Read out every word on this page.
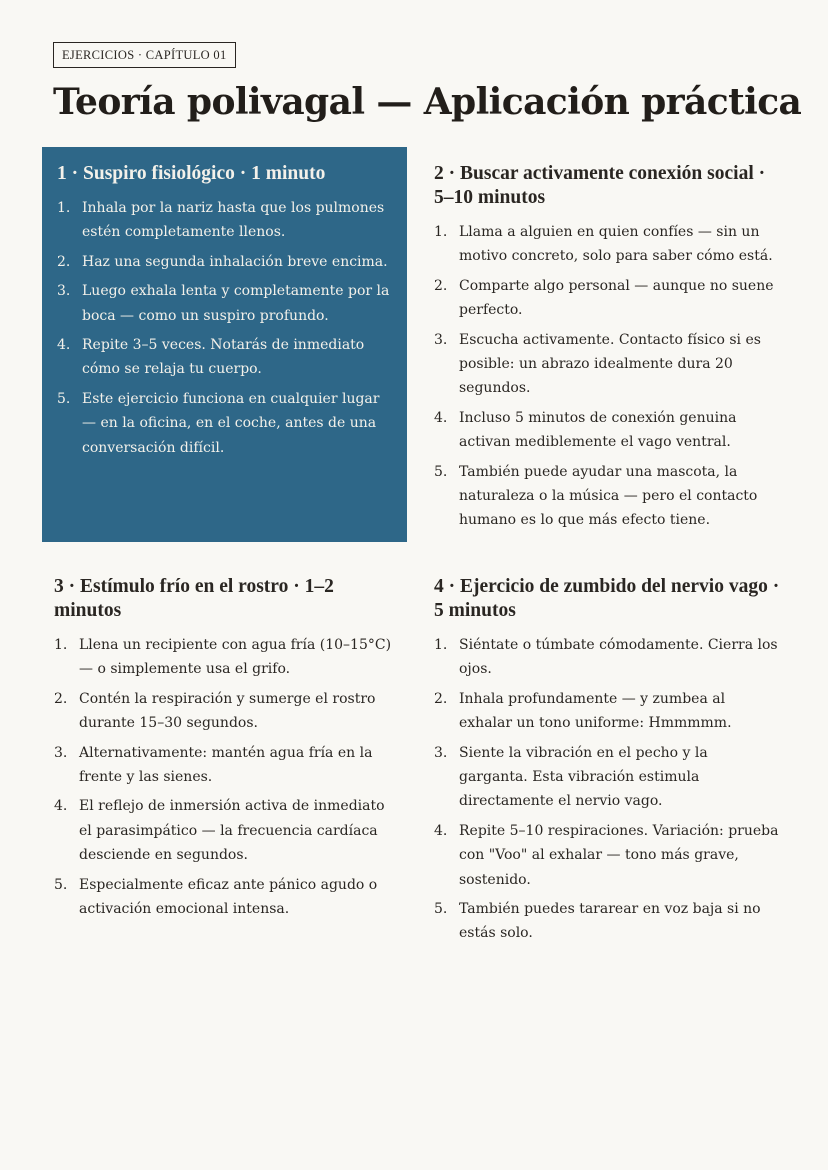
EJERCICIOS · CAPÍTULO 01
Teoría polivagal — Aplicación práctica
1 · Suspiro fisiológico · 1 minuto
1. Inhala por la nariz hasta que los pulmones estén completamente llenos.
2. Haz una segunda inhalación breve encima.
3. Luego exhala lenta y completamente por la boca — como un suspiro profundo.
4. Repite 3–5 veces. Notarás de inmediato cómo se relaja tu cuerpo.
5. Este ejercicio funciona en cualquier lugar — en la oficina, en el coche, antes de una conversación difícil.
2 · Buscar activamente conexión social · 5–10 minutos
1. Llama a alguien en quien confíes — sin un motivo concreto, solo para saber cómo está.
2. Comparte algo personal — aunque no suene perfecto.
3. Escucha activamente. Contacto físico si es posible: un abrazo idealmente dura 20 segundos.
4. Incluso 5 minutos de conexión genuina activan mediblemente el vago ventral.
5. También puede ayudar una mascota, la naturaleza o la música — pero el contacto humano es lo que más efecto tiene.
3 · Estímulo frío en el rostro · 1–2 minutos
1. Llena un recipiente con agua fría (10–15°C) — o simplemente usa el grifo.
2. Contén la respiración y sumerge el rostro durante 15–30 segundos.
3. Alternativamente: mantén agua fría en la frente y las sienes.
4. El reflejo de inmersión activa de inmediato el parasimpático — la frecuencia cardíaca desciende en segundos.
5. Especialmente eficaz ante pánico agudo o activación emocional intensa.
4 · Ejercicio de zumbido del nervio vago · 5 minutos
1. Siéntate o túmbate cómodamente. Cierra los ojos.
2. Inhala profundamente — y zumbea al exhalar un tono uniforme: Hmmmmm.
3. Siente la vibración en el pecho y la garganta. Esta vibración estimula directamente el nervio vago.
4. Repite 5–10 respiraciones. Variación: prueba con "Voo" al exhalar — tono más grave, sostenido.
5. También puedes tararear en voz baja si no estás solo.
